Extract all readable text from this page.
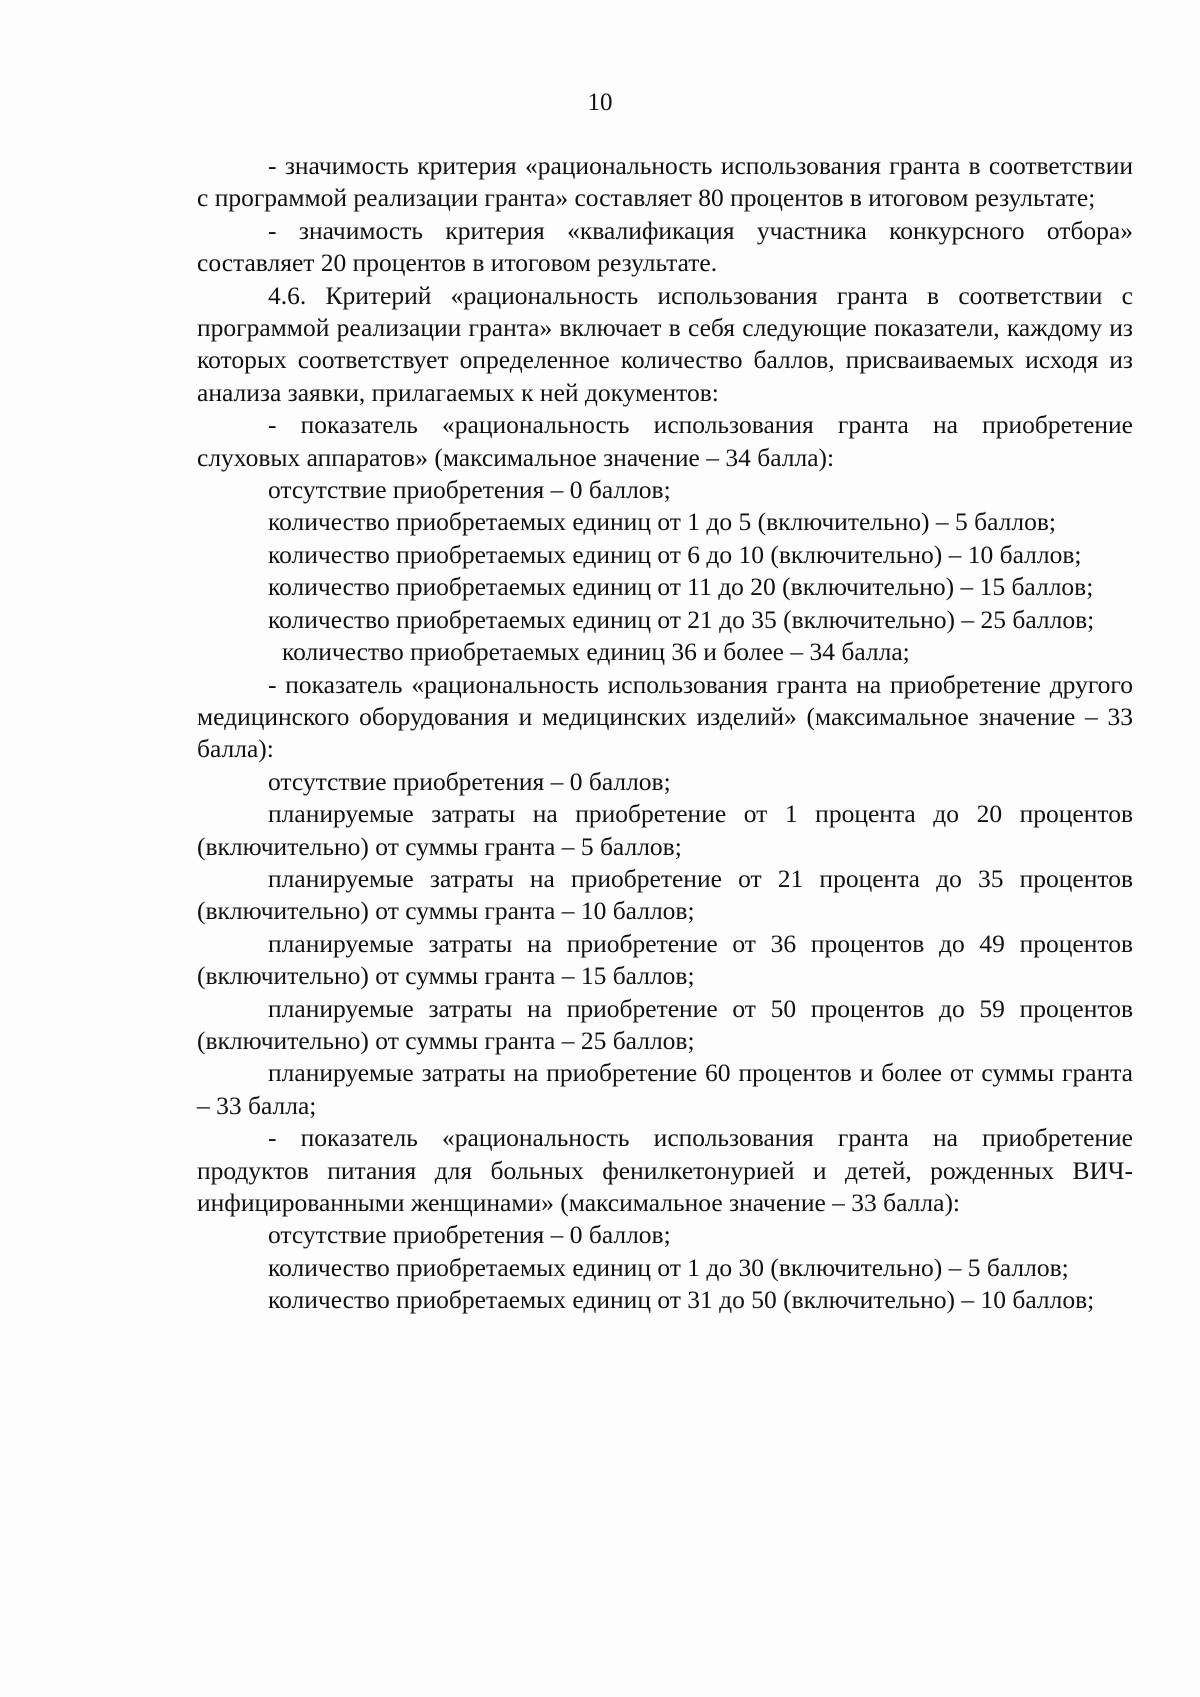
10

- значимость критерия «рациональность использования гранта в соответствии с программой реализации гранта» составляет 80 процентов в итоговом результате;

- значимость критерия «квалификация участника конкурсного отбора» составляет 20 процентов в итоговом результате.

4.6. Критерий «рациональность использования гранта в соответствии с программой реализации гранта» включает в себя следующие показатели, каждому из которых соответствует определенное количество баллов, присваиваемых исходя из анализа заявки, прилагаемых к ней документов:

- показатель «рациональность использования гранта на приобретение слуховых аппаратов» (максимальное значение – 34 балла):

отсутствие приобретения – 0 баллов;

количество приобретаемых единиц от 1 до 5 (включительно) – 5 баллов;

количество приобретаемых единиц от 6 до 10 (включительно) – 10 баллов;

количество приобретаемых единиц от 11 до 20 (включительно) – 15 баллов;

количество приобретаемых единиц от 21 до 35 (включительно) – 25 баллов;

количество приобретаемых единиц 36 и более – 34 балла;

- показатель «рациональность использования гранта на приобретение другого медицинского оборудования и медицинских изделий» (максимальное значение – 33 балла):

отсутствие приобретения – 0 баллов;

планируемые затраты на приобретение от 1 процента до 20 процентов (включительно) от суммы гранта – 5 баллов;

планируемые затраты на приобретение от 21 процента до 35 процентов (включительно) от суммы гранта – 10 баллов;

планируемые затраты на приобретение от 36 процентов до 49 процентов (включительно) от суммы гранта – 15 баллов;

планируемые затраты на приобретение от 50 процентов до 59 процентов (включительно) от суммы гранта – 25 баллов;

планируемые затраты на приобретение 60 процентов и более от суммы гранта – 33 балла;

- показатель «рациональность использования гранта на приобретение продуктов питания для больных фенилкетонурией и детей, рожденных ВИЧ-инфицированными женщинами» (максимальное значение – 33 балла):

отсутствие приобретения – 0 баллов;

количество приобретаемых единиц от 1 до 30 (включительно) – 5 баллов;

количество приобретаемых единиц от 31 до 50 (включительно) – 10 баллов;
